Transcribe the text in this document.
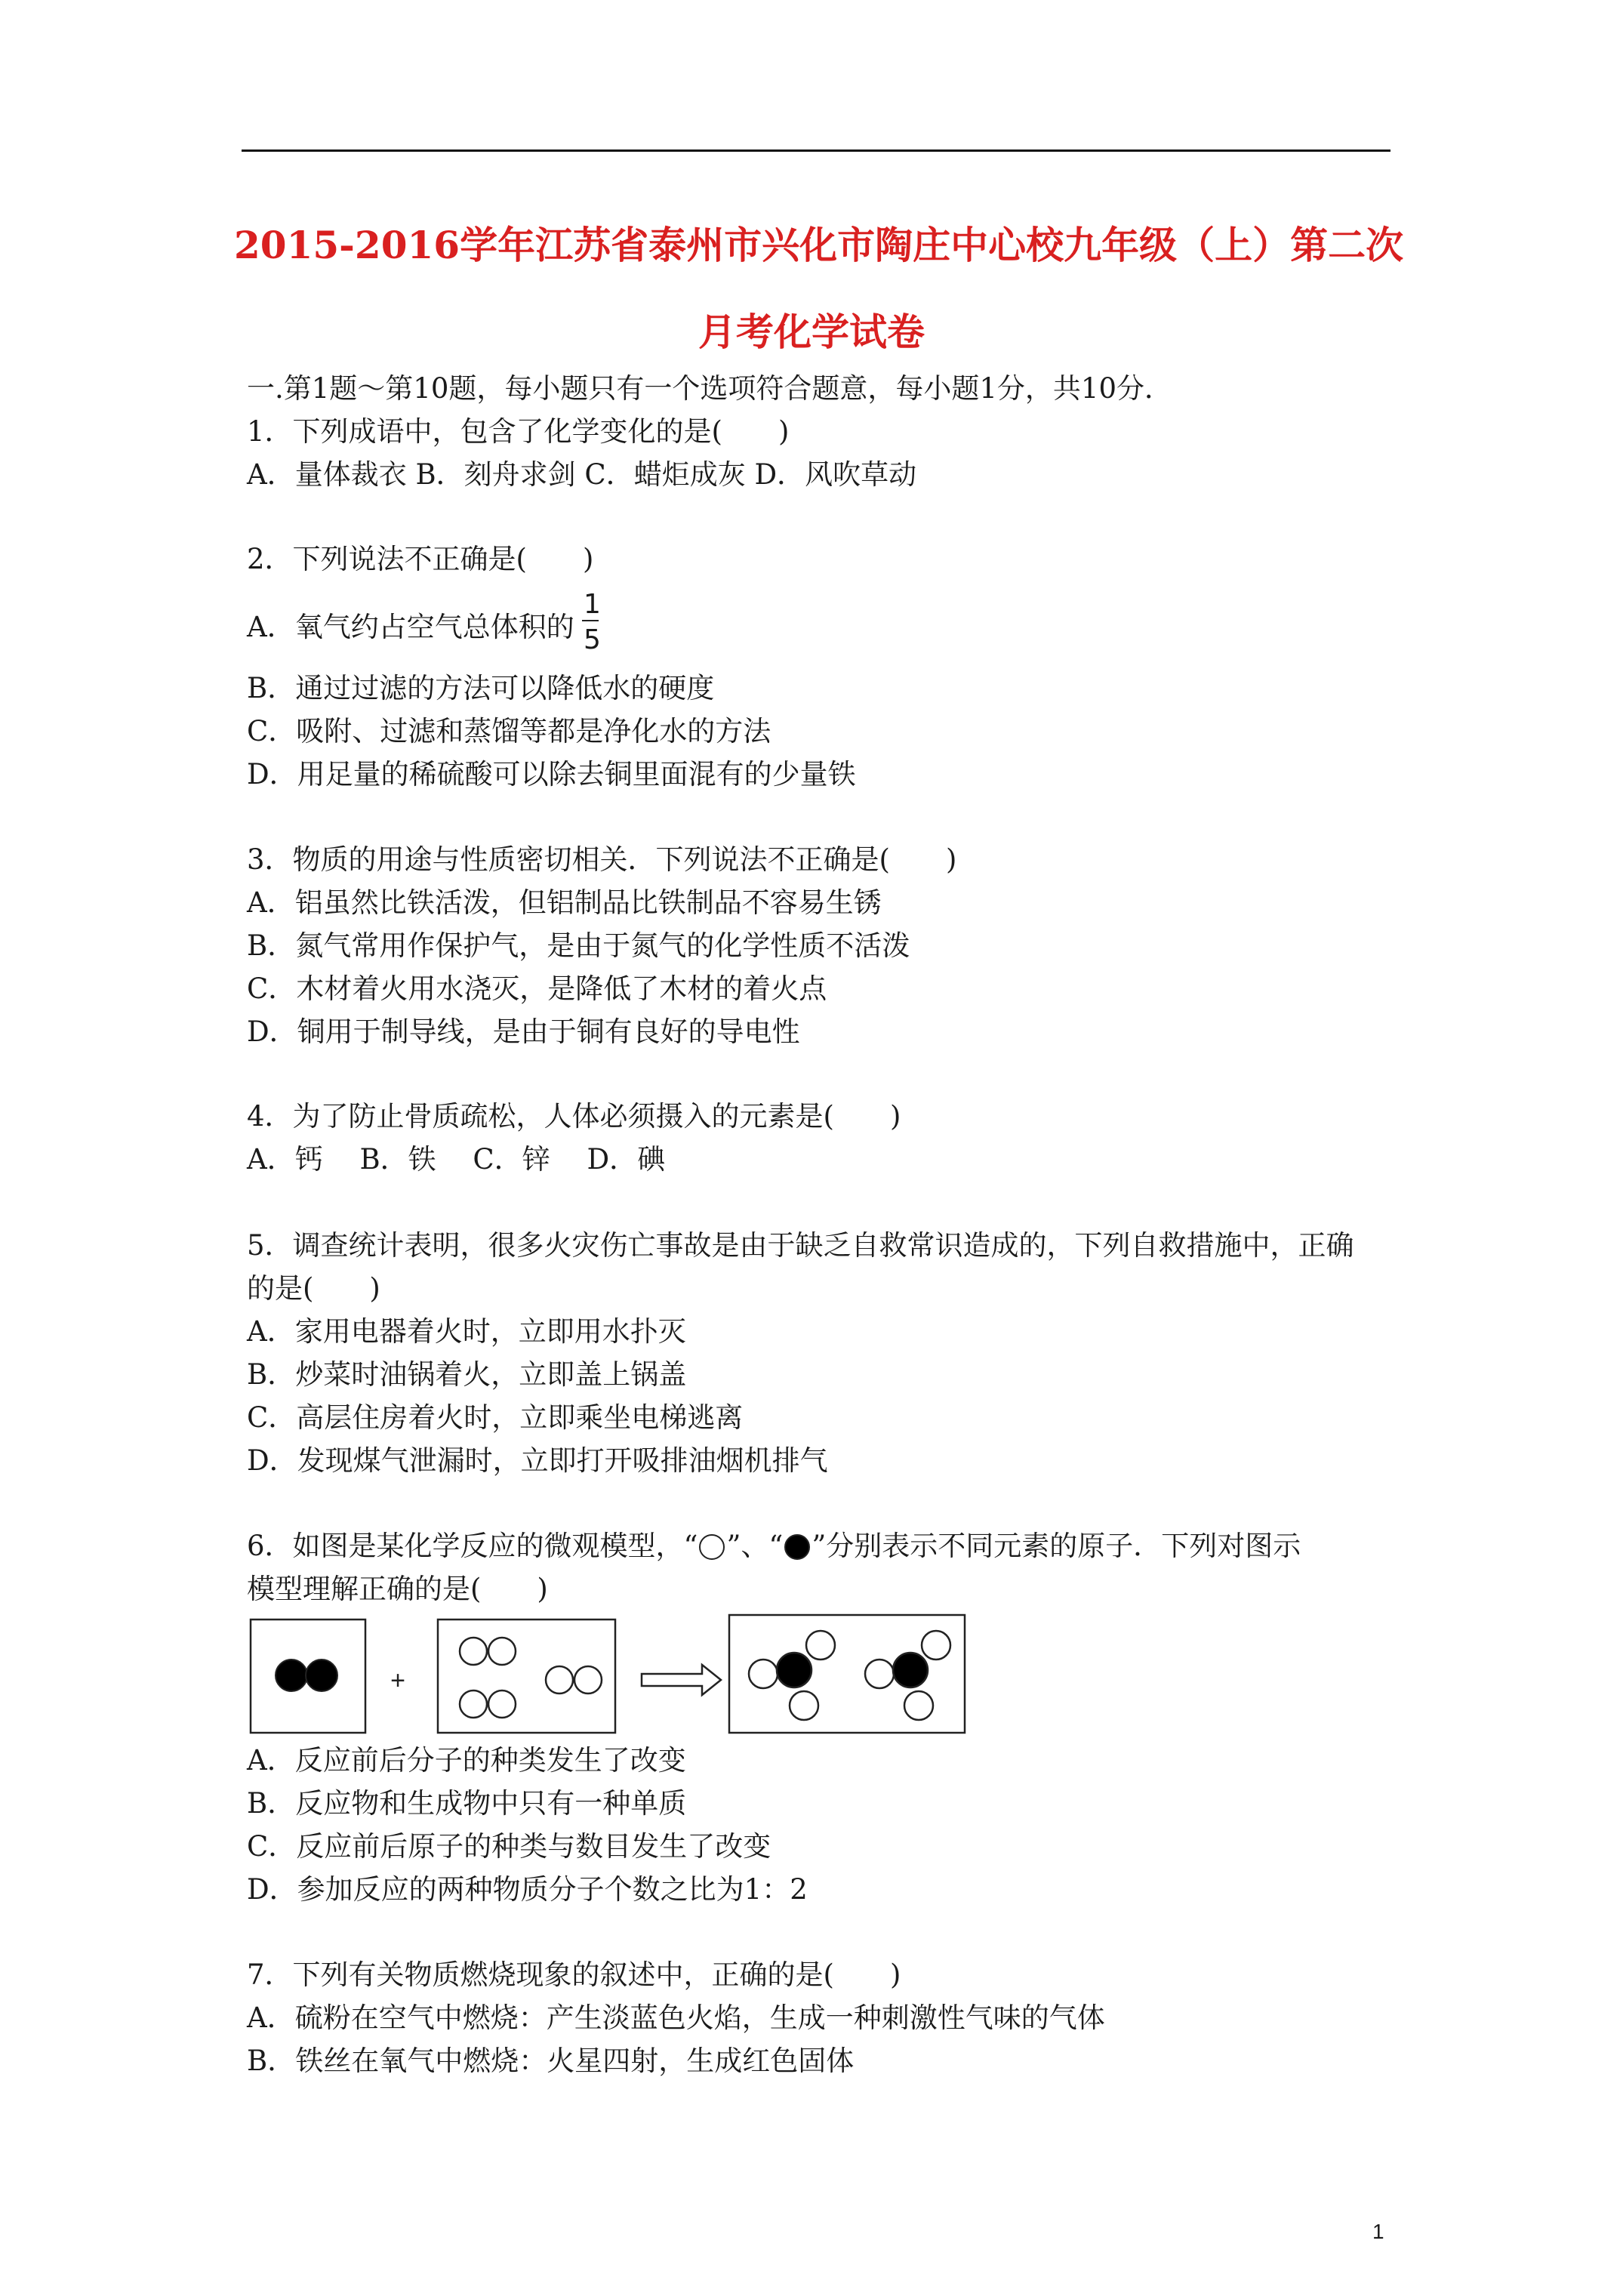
2015-2016学年江苏省泰州市兴化市陶庄中心校九年级（上）第二次
月考化学试卷
一.第1题～第10题，每小题只有一个选项符合题意，每小题1分，共10分．
1．下列成语中，包含了化学变化的是(　　)
A．量体裁衣 B．刻舟求剑 C．蜡炬成灰 D．风吹草动
2．下列说法不正确是(　　)
A．氧气约占空气总体积的
1
5
B．通过过滤的方法可以降低水的硬度
C．吸附、过滤和蒸馏等都是净化水的方法
D．用足量的稀硫酸可以除去铜里面混有的少量铁
3．物质的用途与性质密切相关．下列说法不正确是(　　)
A．铝虽然比铁活泼，但铝制品比铁制品不容易生锈
B．氮气常用作保护气，是由于氮气的化学性质不活泼
C．木材着火用水浇灭，是降低了木材的着火点
D．铜用于制导线，是由于铜有良好的导电性
4．为了防止骨质疏松，人体必须摄入的元素是(　　)
A．钙　 B．铁　 C．锌　 D．碘
5．调查统计表明，很多火灾伤亡事故是由于缺乏自救常识造成的，下列自救措施中，正确
的是(　　)
A．家用电器着火时，立即用水扑灭
B．炒菜时油锅着火，立即盖上锅盖
C．高层住房着火时，立即乘坐电梯逃离
D．发现煤气泄漏时，立即打开吸排油烟机排气
6．如图是某化学反应的微观模型，“ ”、“ ”分别表示不同元素的原子．下列对图示
模型理解正确的是(　　)
+
A．反应前后分子的种类发生了改变
B．反应物和生成物中只有一种单质
C．反应前后原子的种类与数目发生了改变
D．参加反应的两种物质分子个数之比为1：2
7．下列有关物质燃烧现象的叙述中，正确的是(　　)
A．硫粉在空气中燃烧：产生淡蓝色火焰，生成一种刺激性气味的气体
B．铁丝在氧气中燃烧：火星四射，生成红色固体
1
